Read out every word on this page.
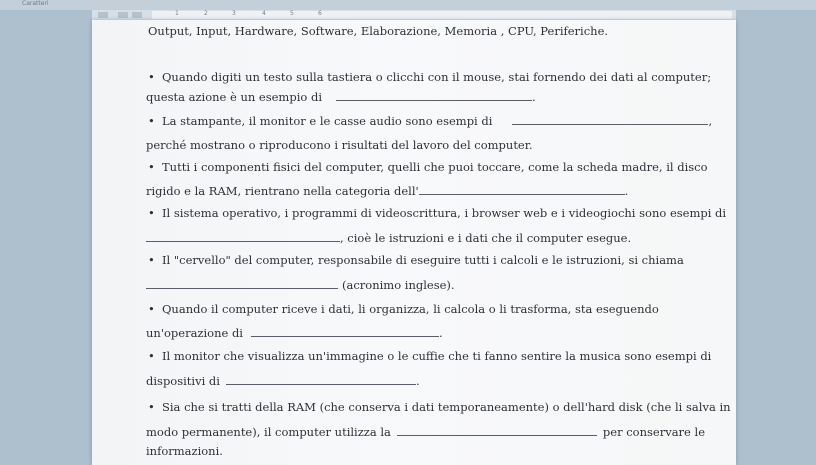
Caratteri
1	2	3	4	5	6
Output, Input, Hardware, Software, Elaborazione, Memoria , CPU, Periferiche.
• Quando digiti un testo sulla tastiera o clicchi con il mouse, stai fornendo dei dati al computer;
questa azione è un esempio di	.
• La stampante, il monitor e le casse audio sono esempi di	,
perché mostrano o riproducono i risultati del lavoro del computer.
• Tutti i componenti fisici del computer, quelli che puoi toccare, come la scheda madre, il disco
rigido e la RAM, rientrano nella categoria dell'	.
• Il sistema operativo, i programmi di videoscrittura, i browser web e i videogiochi sono esempi di
, cioè le istruzioni e i dati che il computer esegue.
• Il "cervello" del computer, responsabile di eseguire tutti i calcoli e le istruzioni, si chiama
(acronimo inglese).
• Quando il computer riceve i dati, li organizza, li calcola o li trasforma, sta eseguendo
un'operazione di	.
• Il monitor che visualizza un'immagine o le cuffie che ti fanno sentire la musica sono esempi di
dispositivi di	.
• Sia che si tratti della RAM (che conserva i dati temporaneamente) o dell'hard disk (che li salva in
modo permanente), il computer utilizza la	per conservare le
informazioni.
